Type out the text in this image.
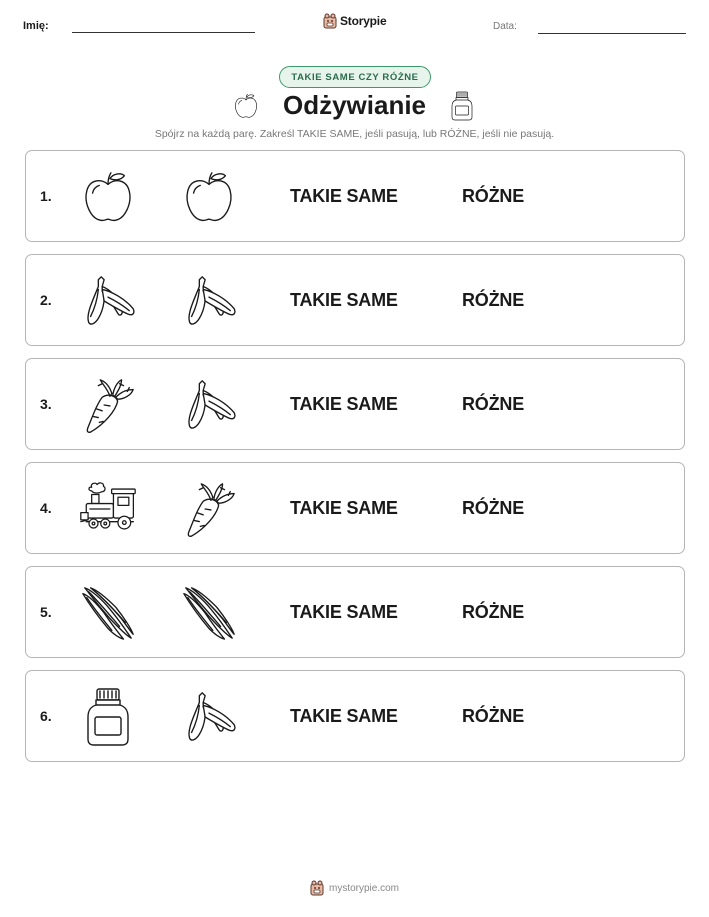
Imię:	Storypie	Data:
TAKIE SAME CZY RÓŻNE
Odżywianie
Spójrz na każdą parę. Zakreśl TAKIE SAME, jeśli pasują, lub RÓŻNE, jeśli nie pasują.
1.	TAKIE SAME	RÓŻNE
2.	TAKIE SAME	RÓŻNE
3.	TAKIE SAME	RÓŻNE
4.	TAKIE SAME	RÓŻNE
5.	TAKIE SAME	RÓŻNE
6.	TAKIE SAME	RÓŻNE
mystorypie.com
